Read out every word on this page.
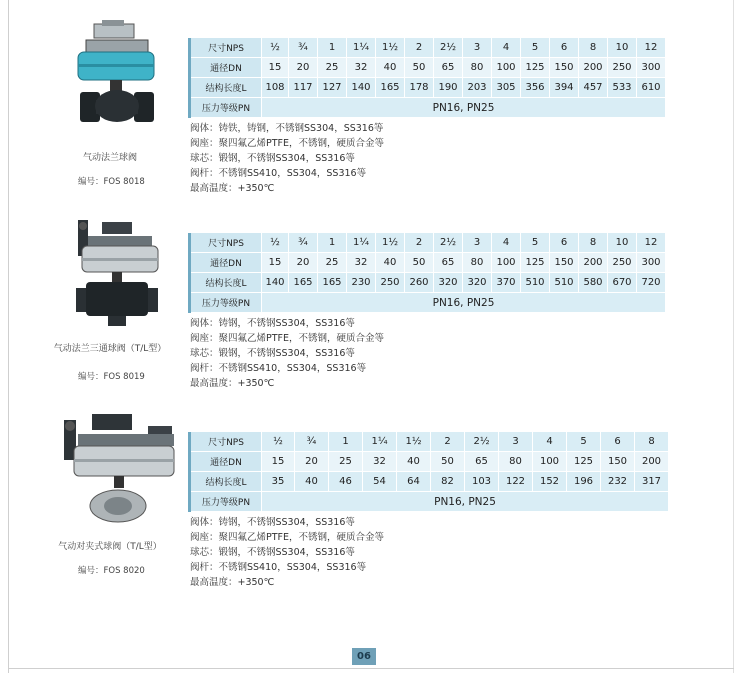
气动法兰球阀
编号：FOS 8018
尺寸NPS	½	¾	1	1¼	1½	2	2½	3	4	5	6	8	10	12
通径DN	15	20	25	32	40	50	65	80	100	125	150	200	250	300
结构长度L	108	117	127	140	165	178	190	203	305	356	394	457	533	610
压力等级PN	PN16, PN25													
阀体：铸铁，铸钢，不锈钢SS304，SS316等
阀座：聚四氟乙烯PTFE，不锈钢，硬质合金等
球芯：锻钢，不锈钢SS304，SS316等
阀杆：不锈钢SS410，SS304，SS316等
最高温度：+350℃
气动法兰三通球阀（T/L型）
编号：FOS 8019
尺寸NPS	½	¾	1	1¼	1½	2	2½	3	4	5	6	8	10	12
通径DN	15	20	25	32	40	50	65	80	100	125	150	200	250	300
结构长度L	140	165	165	230	250	260	320	320	370	510	510	580	670	720
压力等级PN	PN16, PN25													
阀体：铸钢，不锈钢SS304，SS316等
阀座：聚四氟乙烯PTFE，不锈钢，硬质合金等
球芯：锻钢，不锈钢SS304，SS316等
阀杆：不锈钢SS410，SS304，SS316等
最高温度：+350℃
气动对夹式球阀（T/L型）
编号：FOS 8020
尺寸NPS	½	¾	1	1¼	1½	2	2½	3	4	5	6	8
通径DN	15	20	25	32	40	50	65	80	100	125	150	200
结构长度L	35	40	46	54	64	82	103	122	152	196	232	317
压力等级PN	PN16, PN25											
阀体：铸钢，不锈钢SS304，SS316等
阀座：聚四氟乙烯PTFE，不锈钢，硬质合金等
球芯：锻钢，不锈钢SS304，SS316等
阀杆：不锈钢SS410，SS304，SS316等
最高温度：+350℃
06
